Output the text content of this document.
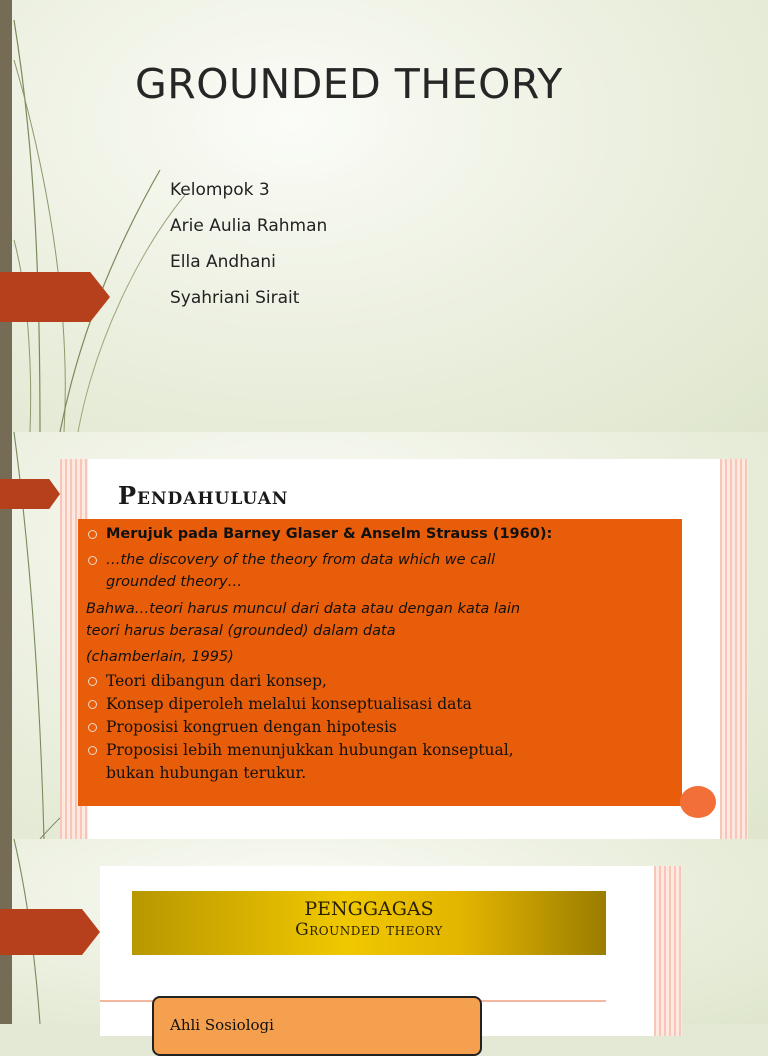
GROUNDED THEORY
Kelompok 3
Arie Aulia Rahman
Ella Andhani
Syahriani Sirait
Pendahuluan
Merujuk pada Barney Glaser & Anselm Strauss (1960):
…the discovery of the theory from data which we call
grounded theory…
Bahwa…teori harus muncul dari data atau dengan kata lain
teori harus berasal (grounded) dalam data
(chamberlain, 1995)
Teori dibangun dari konsep,
Konsep diperoleh melalui konseptualisasi data
Proposisi kongruen dengan hipotesis
Proposisi lebih menunjukkan hubungan konseptual,
bukan hubungan terukur.
PENGGAGAS
Grounded theory
Ahli Sosiologi
